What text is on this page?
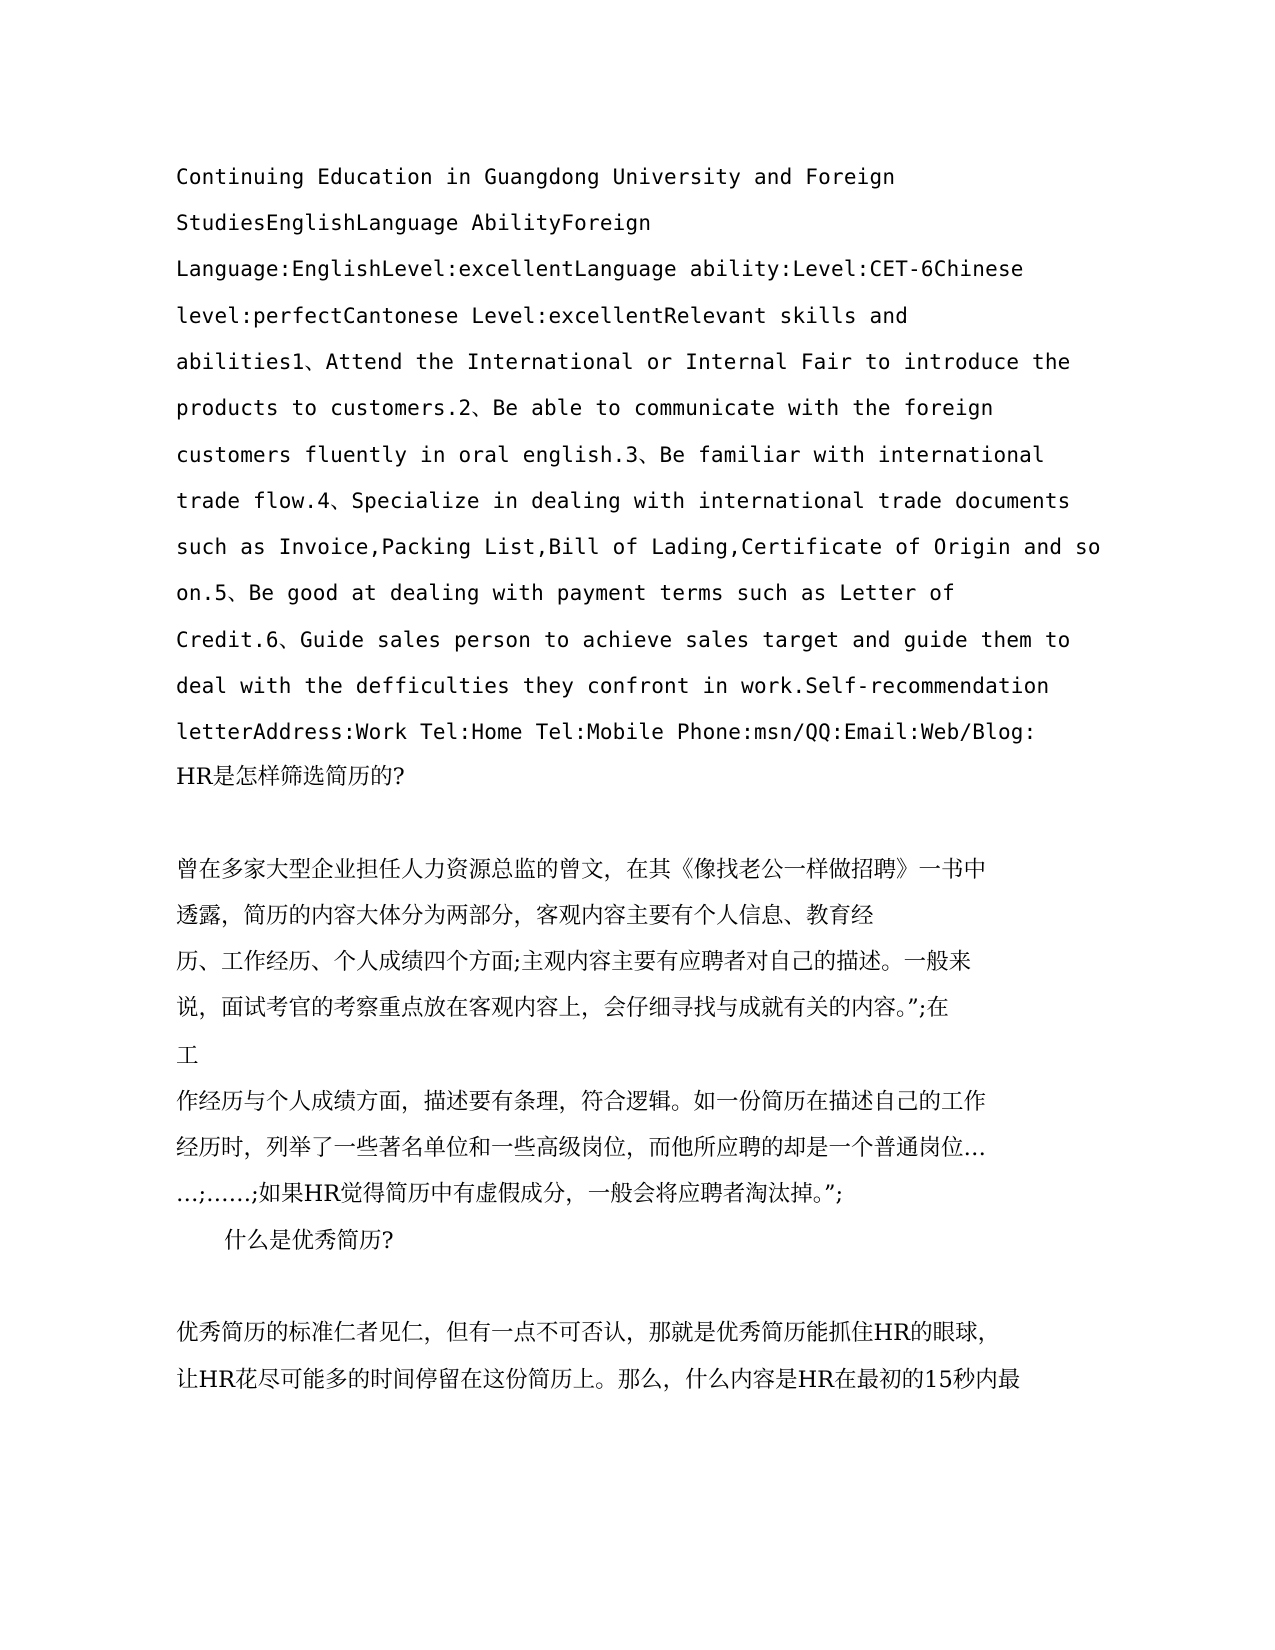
Continuing Education in Guangdong University and Foreign
StudiesEnglishLanguage AbilityForeign
Language:EnglishLevel:excellentLanguage ability:Level:CET-6Chinese
level:perfectCantonese Level:excellentRelevant skills and
abilities1、Attend the International or Internal Fair to introduce the
products to customers.2、Be able to communicate with the foreign
customers fluently in oral english.3、Be familiar with international
trade flow.4、Specialize in dealing with international trade documents
such as Invoice,Packing List,Bill of Lading,Certificate of Origin and so
on.5、Be good at dealing with payment terms such as Letter of
Credit.6、Guide sales person to achieve sales target and guide them to
deal with the defficulties they confront in work.Self-recommendation
letterAddress:Work Tel:Home Tel:Mobile Phone:msn/QQ:Email:Web/Blog:
HR是怎样筛选简历的?
曾在多家大型企业担任人力资源总监的曾文，在其《像找老公一样做招聘》一书中
透露，简历的内容大体分为两部分，客观内容主要有个人信息、教育经
历、工作经历、个人成绩四个方面;主观内容主要有应聘者对自己的描述。一般来
说，面试考官的考察重点放在客观内容上，会仔细寻找与成就有关的内容。”;在
工
作经历与个人成绩方面，描述要有条理，符合逻辑。如一份简历在描述自己的工作
经历时，列举了一些著名单位和一些高级岗位，而他所应聘的却是一个普通岗位…
…;……;如果HR觉得简历中有虚假成分，一般会将应聘者淘汰掉。”;
什么是优秀简历?
优秀简历的标准仁者见仁，但有一点不可否认，那就是优秀简历能抓住HR的眼球，
让HR花尽可能多的时间停留在这份简历上。那么，什么内容是HR在最初的15秒内最
